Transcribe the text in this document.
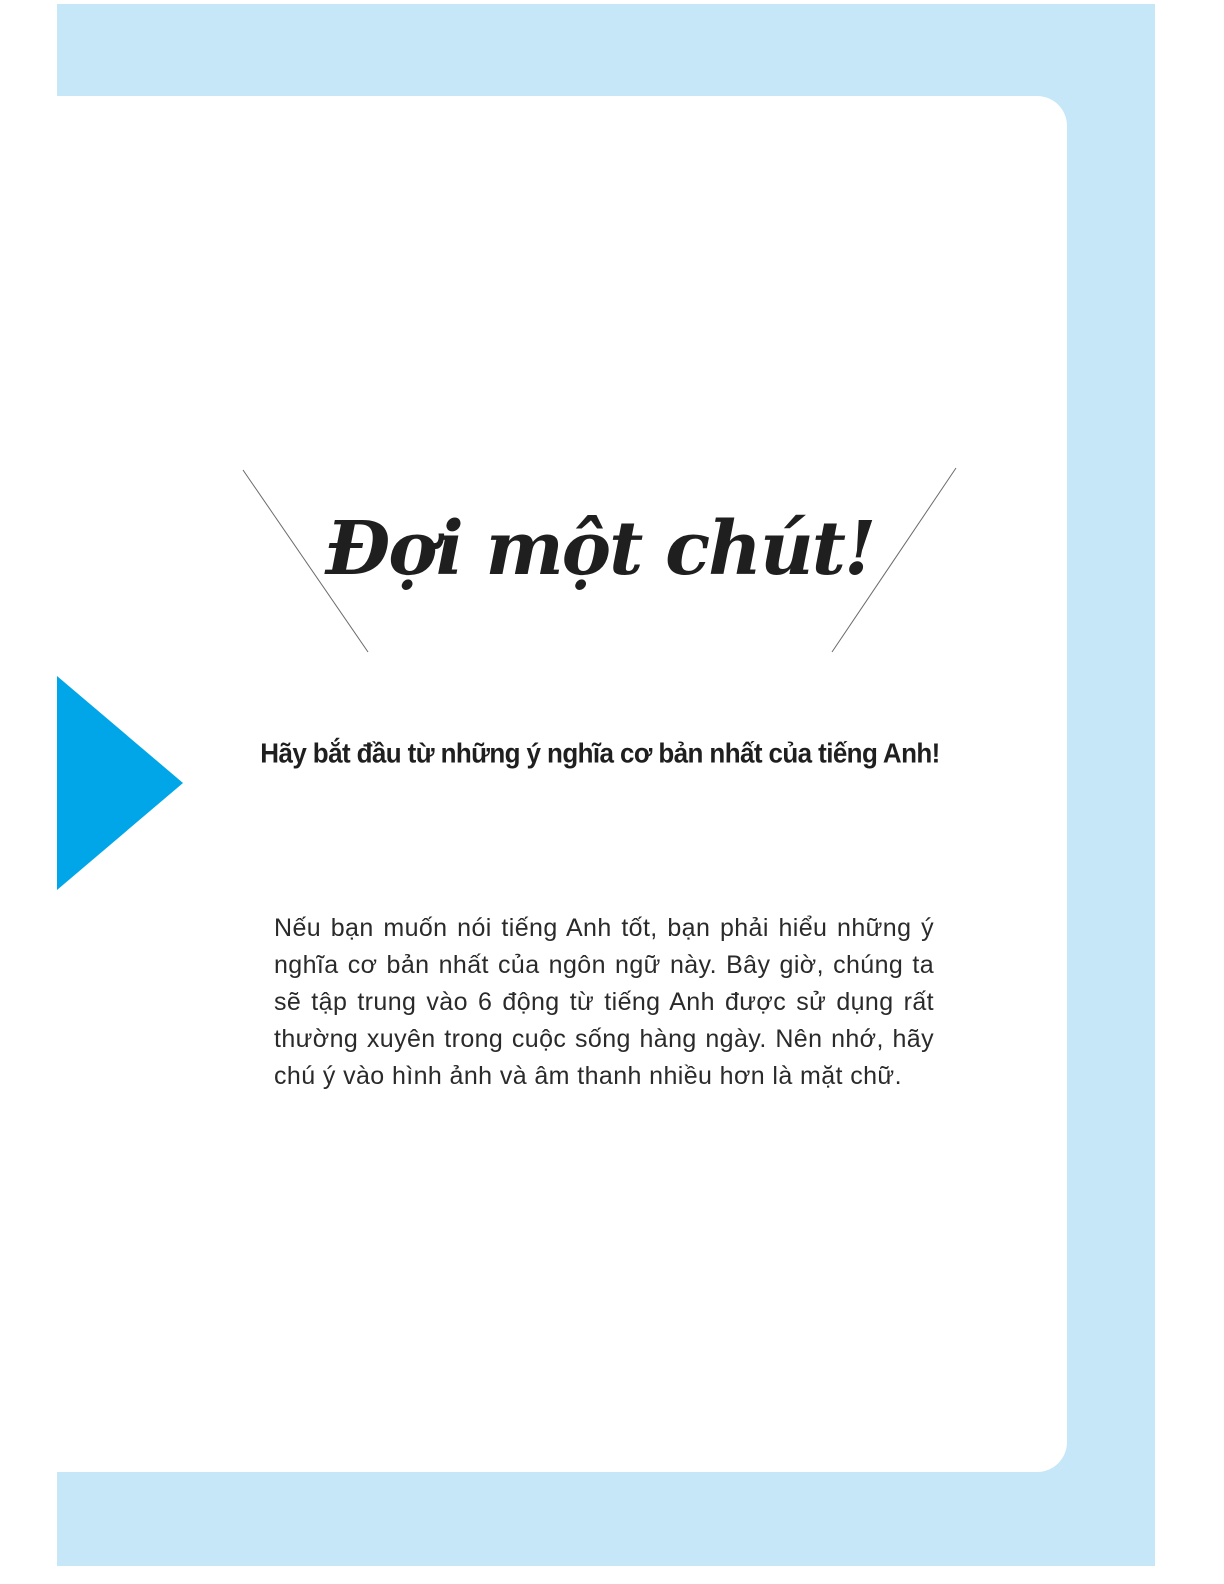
Đợi một chút!
Hãy bắt đầu từ những ý nghĩa cơ bản nhất của tiếng Anh!

Nếu bạn muốn nói tiếng Anh tốt, bạn phải hiểu những ý nghĩa cơ bản nhất của ngôn ngữ này. Bây giờ, chúng ta sẽ tập trung vào 6 động từ tiếng Anh được sử dụng rất thường xuyên trong cuộc sống hàng ngày. Nên nhớ, hãy chú ý vào hình ảnh và âm thanh nhiều hơn là mặt chữ.
